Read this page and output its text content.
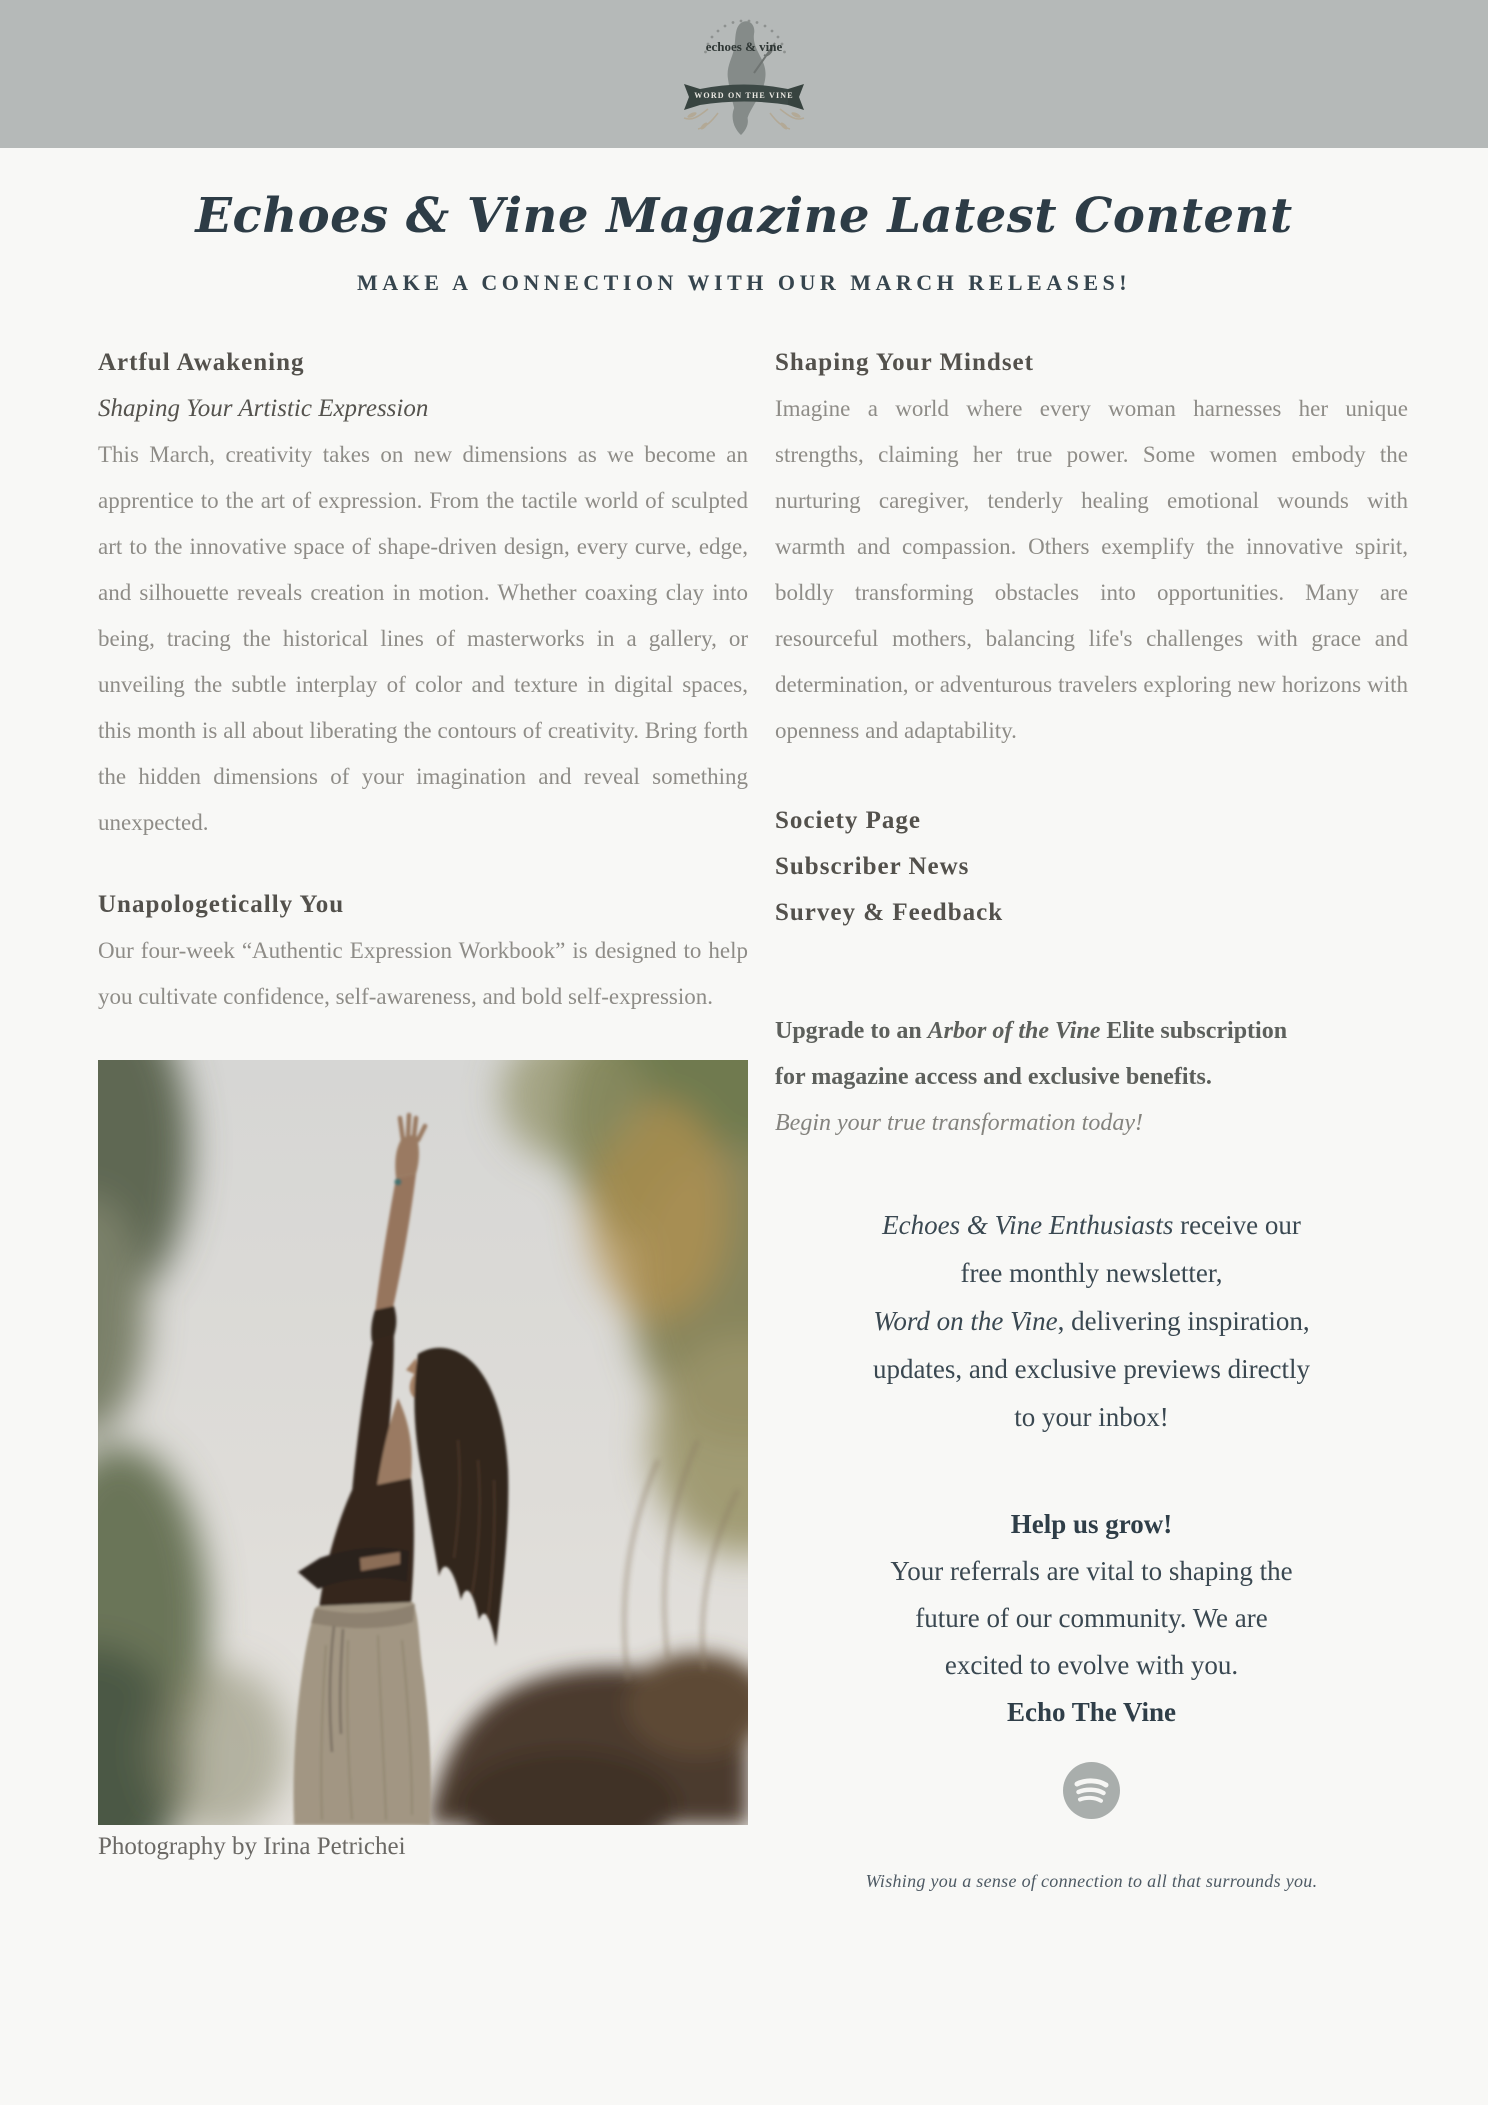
echoes & vine
WORD ON THE VINE
Echoes & Vine Magazine Latest Content
MAKE A CONNECTION WITH OUR MARCH RELEASES!
Artful Awakening
Shaping Your Artistic Expression

This March, creativity takes on new dimensions as we become an apprentice to the art of expression. From the tactile world of sculpted art to the innovative space of shape-driven design, every curve, edge, and silhouette reveals creation in motion. Whether coaxing clay into being, tracing the historical lines of masterworks in a gallery, or unveiling the subtle interplay of color and texture in digital spaces, this month is all about liberating the contours of creativity. Bring forth the hidden dimensions of your imagination and reveal something unexpected.

Unapologetically You

Our four-week “Authentic Expression Workbook” is designed to help you cultivate confidence, self-awareness, and bold self-expression.

Photography by Irina Petrichei
Shaping Your Mindset

Imagine a world where every woman harnesses her unique strengths, claiming her true power. Some women embody the nurturing caregiver, tenderly healing emotional wounds with warmth and compassion. Others exemplify the innovative spirit, boldly transforming obstacles into opportunities. Many are resourceful mothers, balancing life's challenges with grace and determination, or adventurous travelers exploring new horizons with openness and adaptability.

Society Page
Subscriber News
Survey & Feedback
Upgrade to an Arbor of the Vine Elite subscription
for magazine access and exclusive benefits.
Begin your true transformation today!
Echoes & Vine Enthusiasts receive our
free monthly newsletter,
Word on the Vine, delivering inspiration,
updates, and exclusive previews directly
to your inbox!
Help us grow!
Your referrals are vital to shaping the
future of our community. We are
excited to evolve with you.
Echo The Vine
Wishing you a sense of connection to all that surrounds you.
